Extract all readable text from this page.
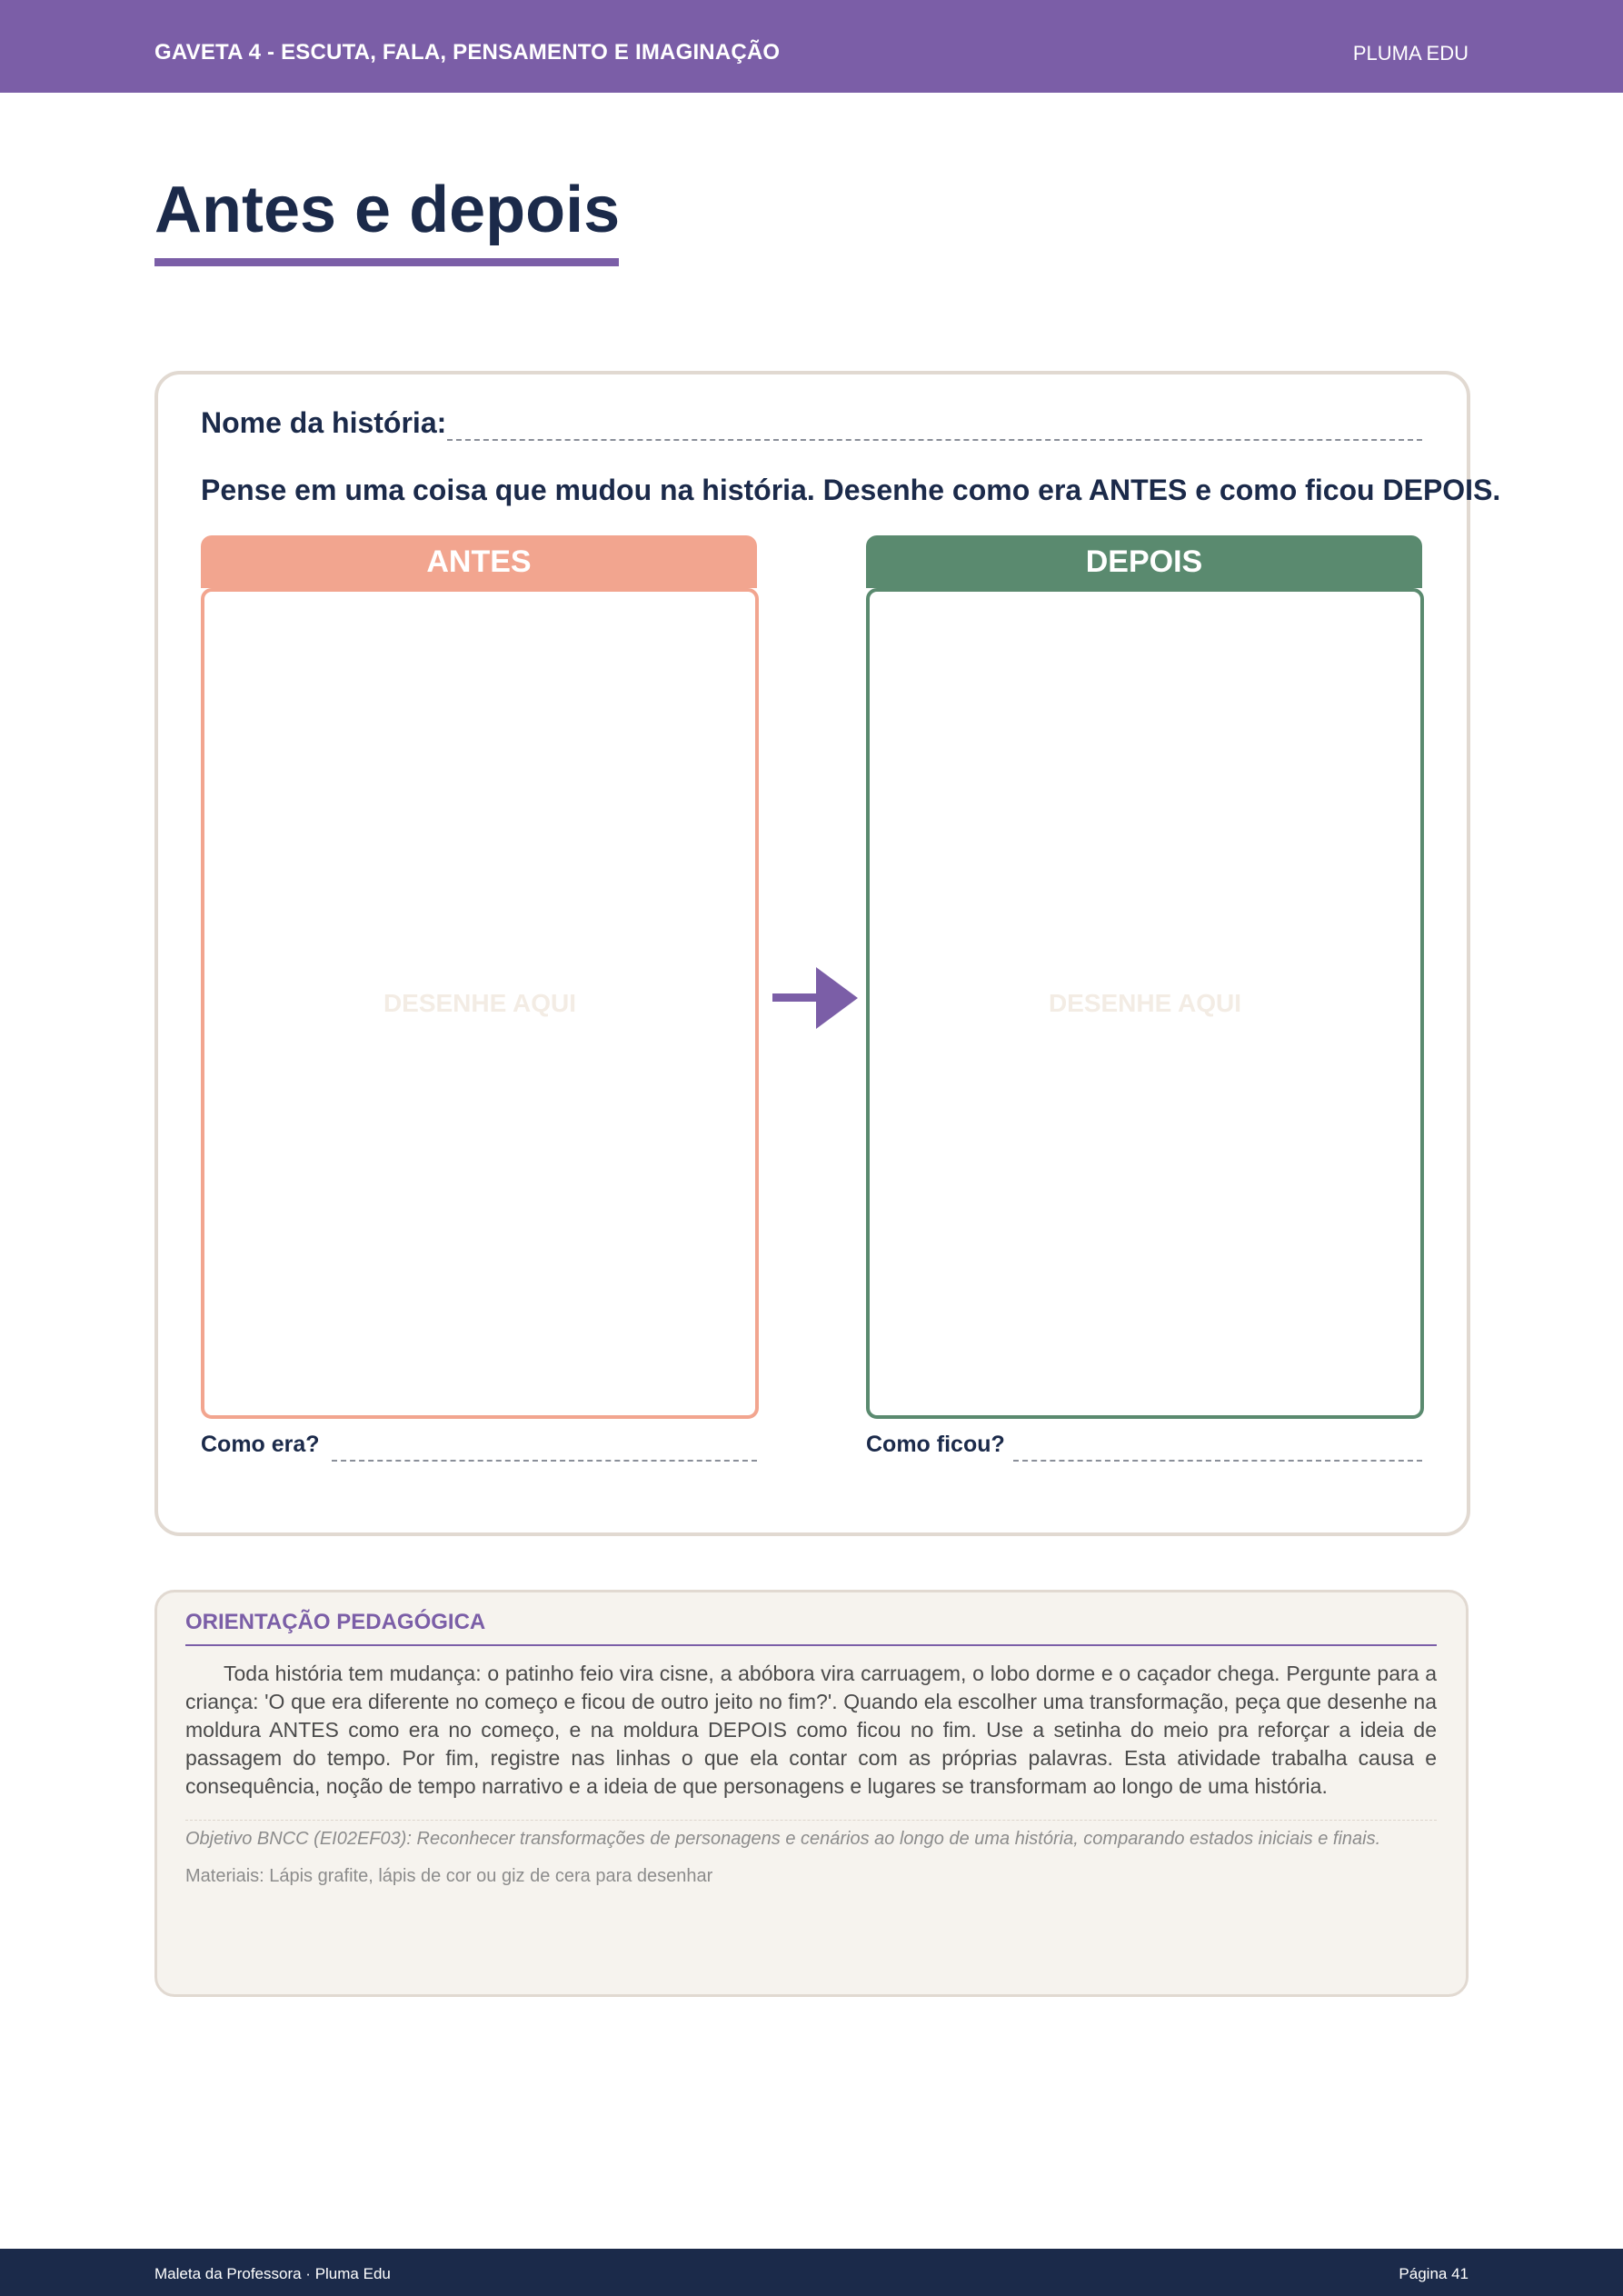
GAVETA 4 - ESCUTA, FALA, PENSAMENTO E IMAGINAÇÃO	PLUMA EDU
Antes e depois
Nome da história:
Pense em uma coisa que mudou na história. Desenhe como era ANTES e como ficou DEPOIS.
ANTES
DESENHE AQUI
DEPOIS
DESENHE AQUI
Como era?	Como ficou?
ORIENTAÇÃO PEDAGÓGICA

Toda história tem mudança: o patinho feio vira cisne, a abóbora vira carruagem, o lobo dorme e o caçador chega. Pergunte para a criança: 'O que era diferente no começo e ficou de outro jeito no fim?'. Quando ela escolher uma transformação, peça que desenhe na moldura ANTES como era no começo, e na moldura DEPOIS como ficou no fim. Use a setinha do meio pra reforçar a ideia de passagem do tempo. Por fim, registre nas linhas o que ela contar com as próprias palavras. Esta atividade trabalha causa e consequência, noção de tempo narrativo e a ideia de que personagens e lugares se transformam ao longo de uma história.

Objetivo BNCC (EI02EF03): Reconhecer transformações de personagens e cenários ao longo de uma história, comparando estados iniciais e finais.
Materiais: Lápis grafite, lápis de cor ou giz de cera para desenhar
Maleta da Professora · Pluma Edu	Página 41
